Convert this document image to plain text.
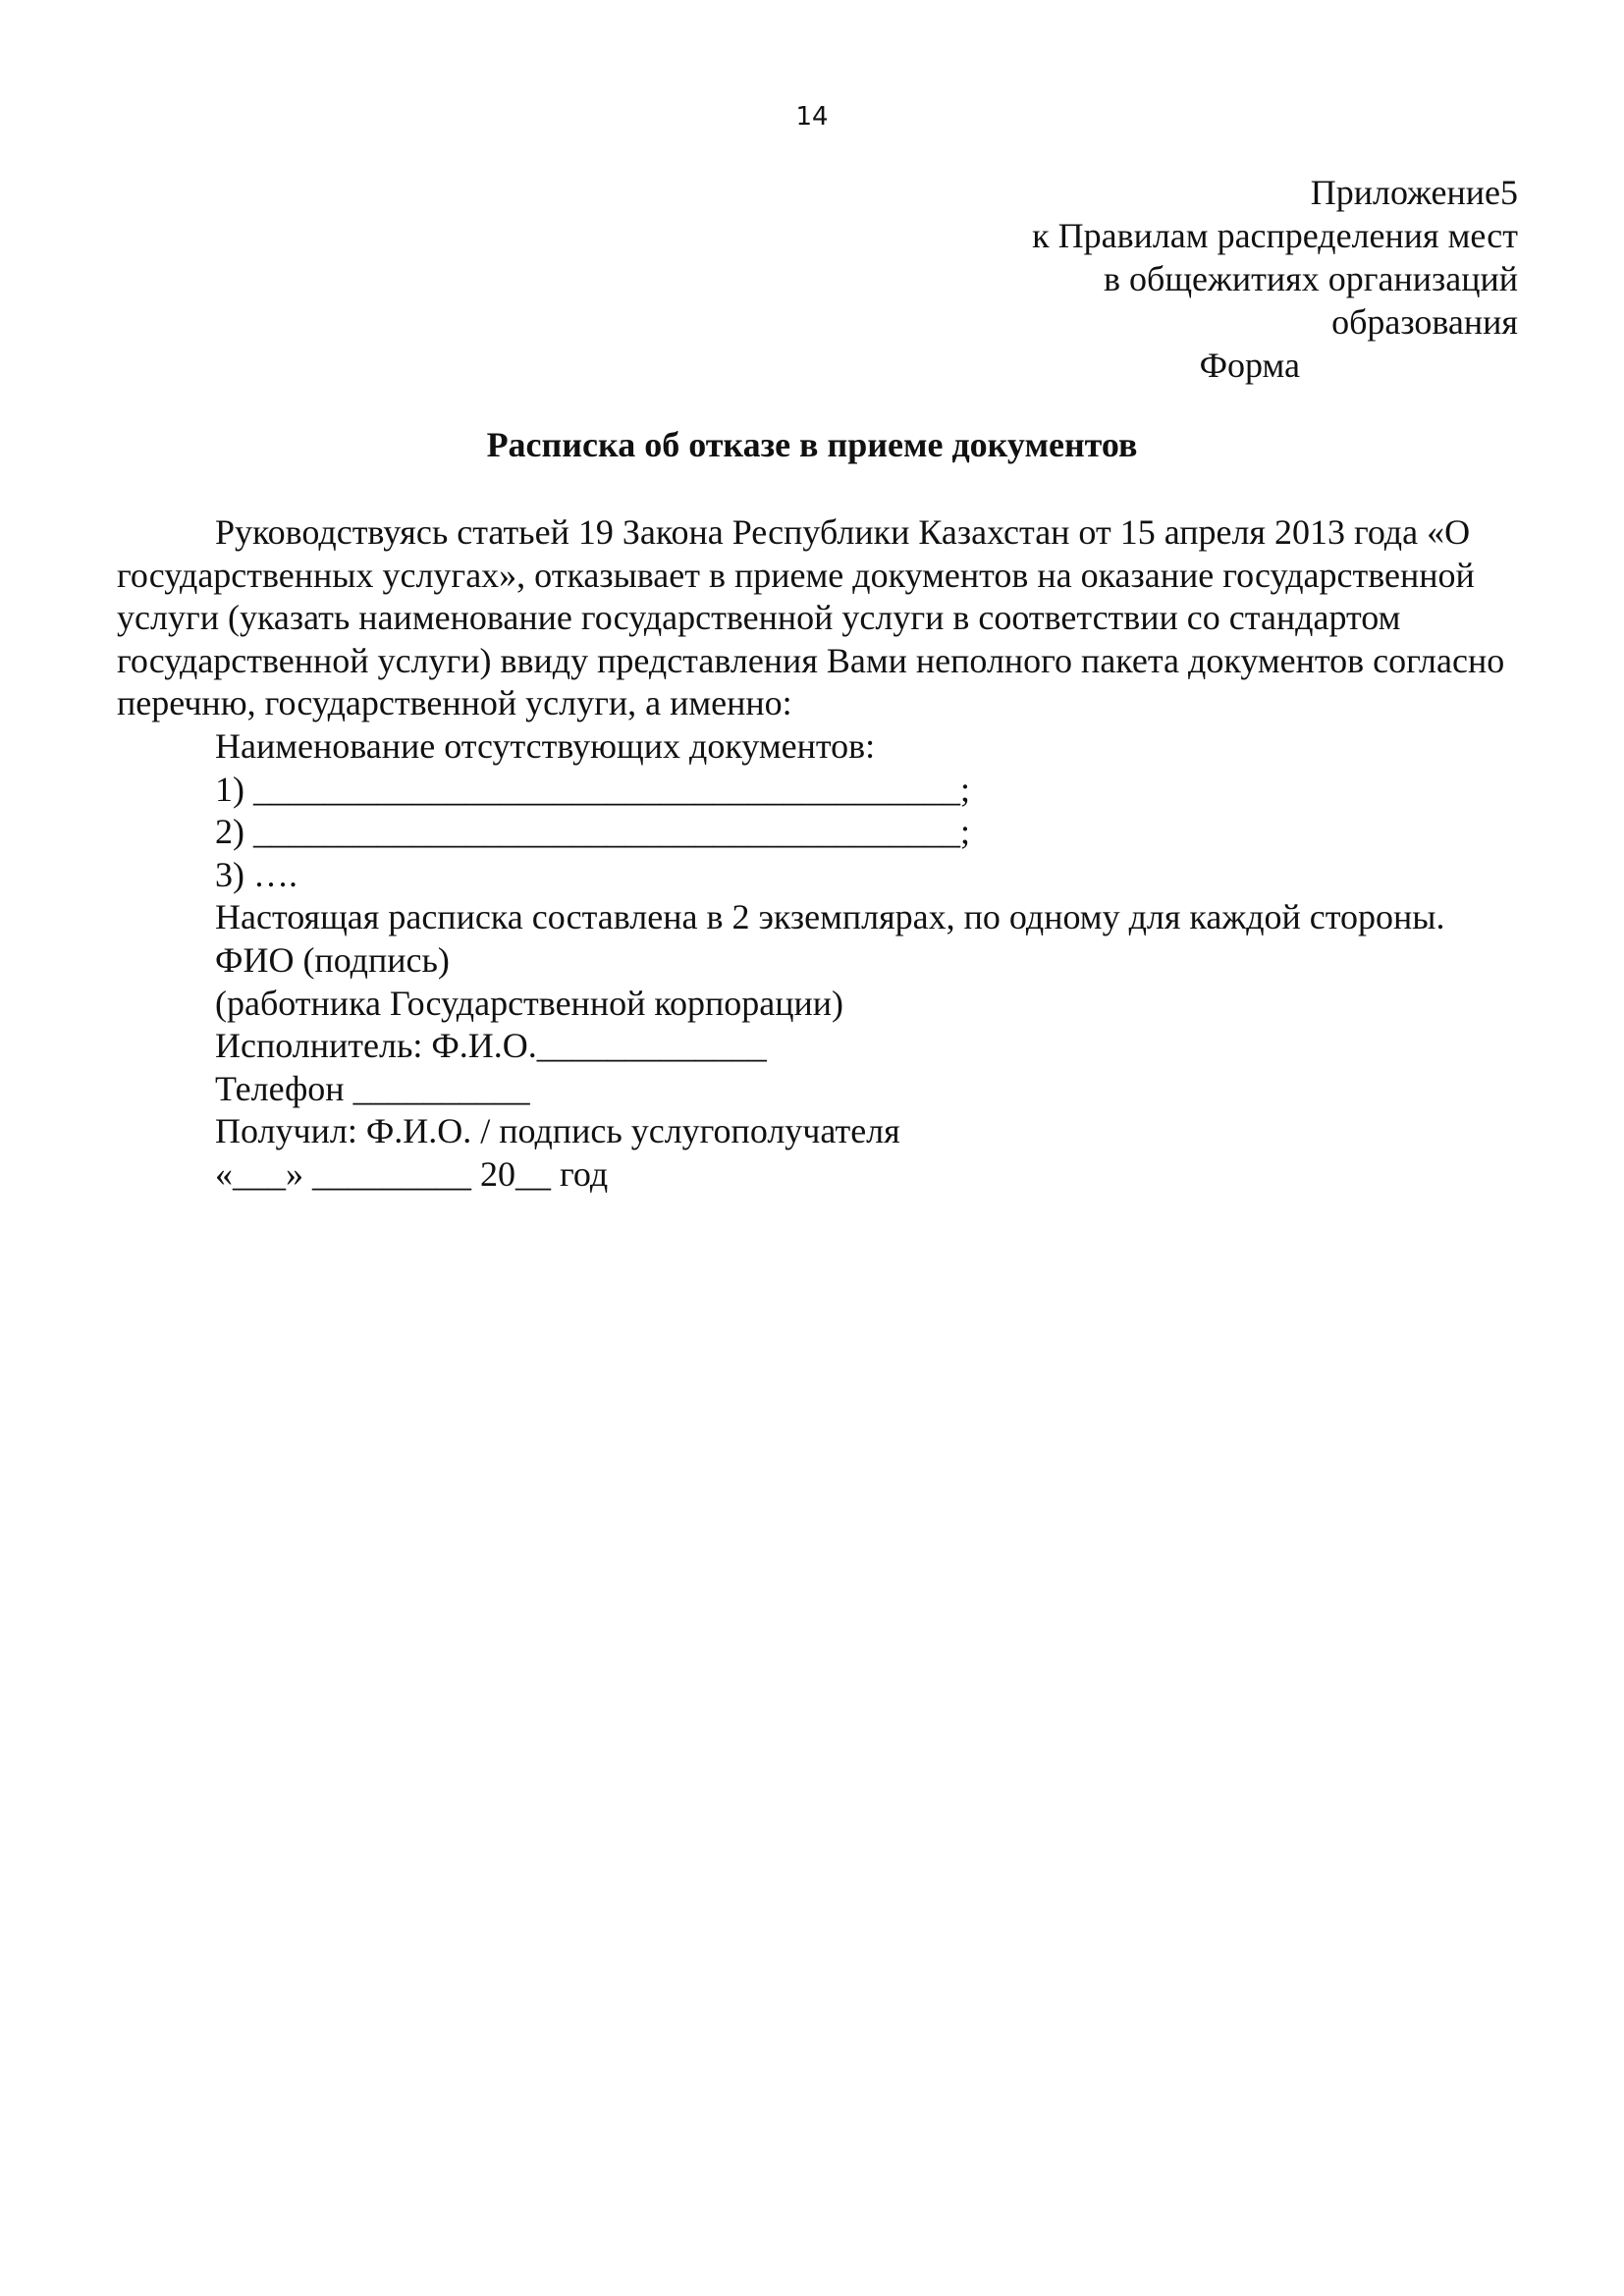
14
Приложение5
к Правилам распределения мест
в общежитиях организаций
образования
Форма
Расписка об отказе в приеме документов

Руководствуясь статьей 19 Закона Республики Казахстан от 15 апреля 2013 года «О государственных услугах», отказывает в приеме документов на оказание государственной услуги (указать наименование государственной услуги в соответствии со стандартом государственной услуги) ввиду представления Вами неполного пакета документов согласно перечню, государственной услуги, а именно:

Наименование отсутствующих документов:

1) ________________________________________;

2) ________________________________________;

3) ….

Настоящая расписка составлена в 2 экземплярах, по одному для каждой стороны.

ФИО (подпись)

(работника Государственной корпорации)

Исполнитель: Ф.И.О._____________

Телефон __________

Получил: Ф.И.О. / подпись услугополучателя

«___» _________ 20__ год
